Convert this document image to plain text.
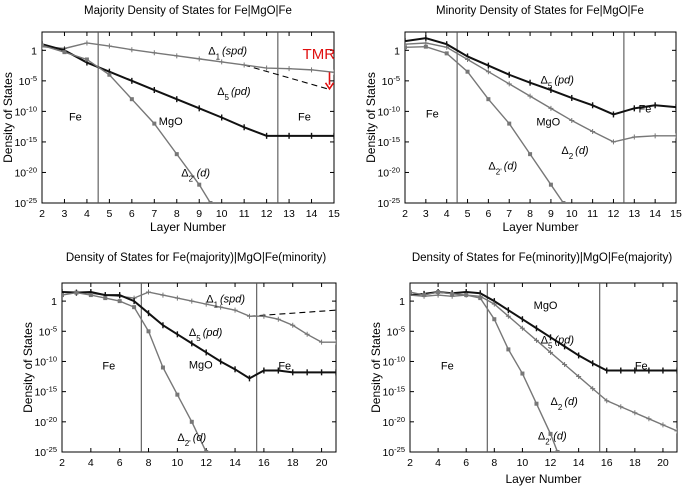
Majority Density of States for Fe|MgO|Fe
2 3 4 5 6 7 8 9 10 11 12 13 14 15
1
$10^{-5}$
$10^{-10}$
$10^{-15}$
$10^{-20}$
$10^{-25}$
Layer Number
Density of States	Fe	MgO	Fe
$\Delta_1$ (spd)
$\Delta_5$ (pd)
$\Delta_{2'}$ (d)
TMR
Minority Density of States for Fe|MgO|Fe
2 3 4 5 6 7 8 9 10 11 12 13 14 15
1
$10^{-5}$
$10^{-10}$
$10^{-15}$
$10^{-20}$
$10^{-25}$
Layer Number
Density of States	Fe
MgO
Fe
$\Delta_5$ (pd)
$\Delta_2$ (d)
$\Delta_{2'}$ (d)
Density of States for Fe(majority)|MgO|Fe(minority)
2 4 6 8 10 12 14 16 18 20
1
$10^{-5}$
$10^{-10}$
$10^{-15}$
$10^{-20}$
$10^{-25}$
Density of States	Fe	MgO	Fe
$\Delta_1$ (spd)
$\Delta_5$ (pd)
$\Delta_{2'}$ (d)
Density of States for Fe(minority)|MgO|Fe(majority)
2 4 6 8 10 12 14 16 18 20
1
$10^{-5}$
$10^{-10}$
$10^{-15}$
$10^{-20}$
$10^{-25}$
Layer Number
Density of States
MgO
Fe	Fe
$\Delta_5$ (pd)
$\Delta_2$ (d)
$\Delta_{2'}$ (d)
